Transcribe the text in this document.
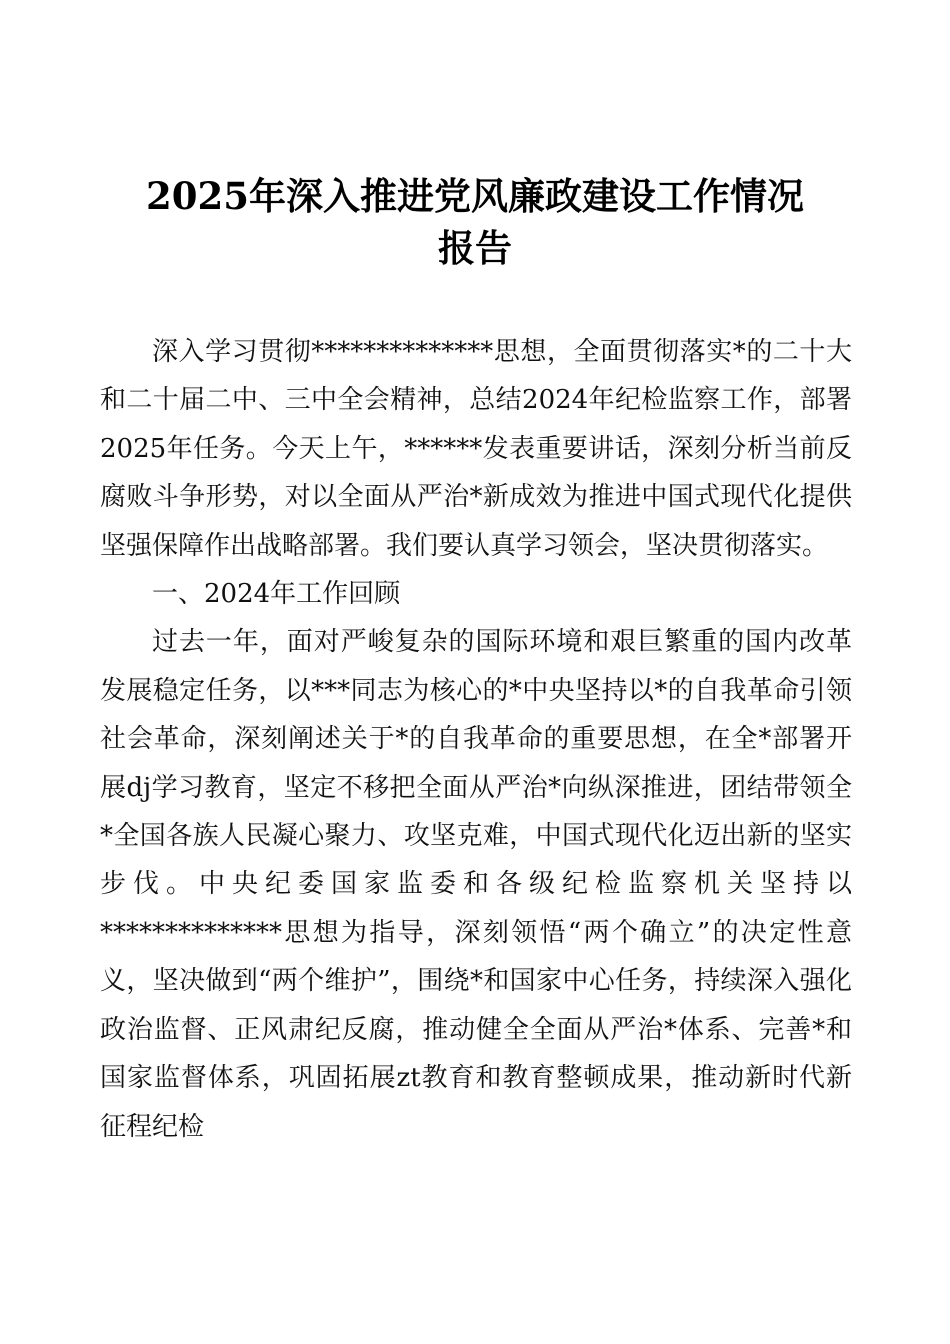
2025年深入推进党风廉政建设工作情况
报告

深入学习贯彻**************思想，全面贯彻落实*的二十大和二十届二中、三中全会精神，总结2024年纪检监察工作，部署2025年任务。今天上午，******发表重要讲话，深刻分析当前反腐败斗争形势，对以全面从严治*新成效为推进中国式现代化提供坚强保障作出战略部署。我们要认真学习领会，坚决贯彻落实。

一、2024年工作回顾

过去一年，面对严峻复杂的国际环境和艰巨繁重的国内改革发展稳定任务，以***同志为核心的*中央坚持以*的自我革命引领社会革命，深刻阐述关于*的自我革命的重要思想，在全*部署开展dj学习教育，坚定不移把全面从严治*向纵深推进，团结带领全*全国各族人民凝心聚力、攻坚克难，中国式现代化迈出新的坚实步伐。中央纪委国家监委和各级纪检监察机关坚持以**************思想为指导，深刻领悟“两个确立”的决定性意义，坚决做到“两个维护”，围绕*和国家中心任务，持续深入强化政治监督、正风肃纪反腐，推动健全全面从严治*体系、完善*和国家监督体系，巩固拓展zt教育和教育整顿成果，推动新时代新征程纪检
